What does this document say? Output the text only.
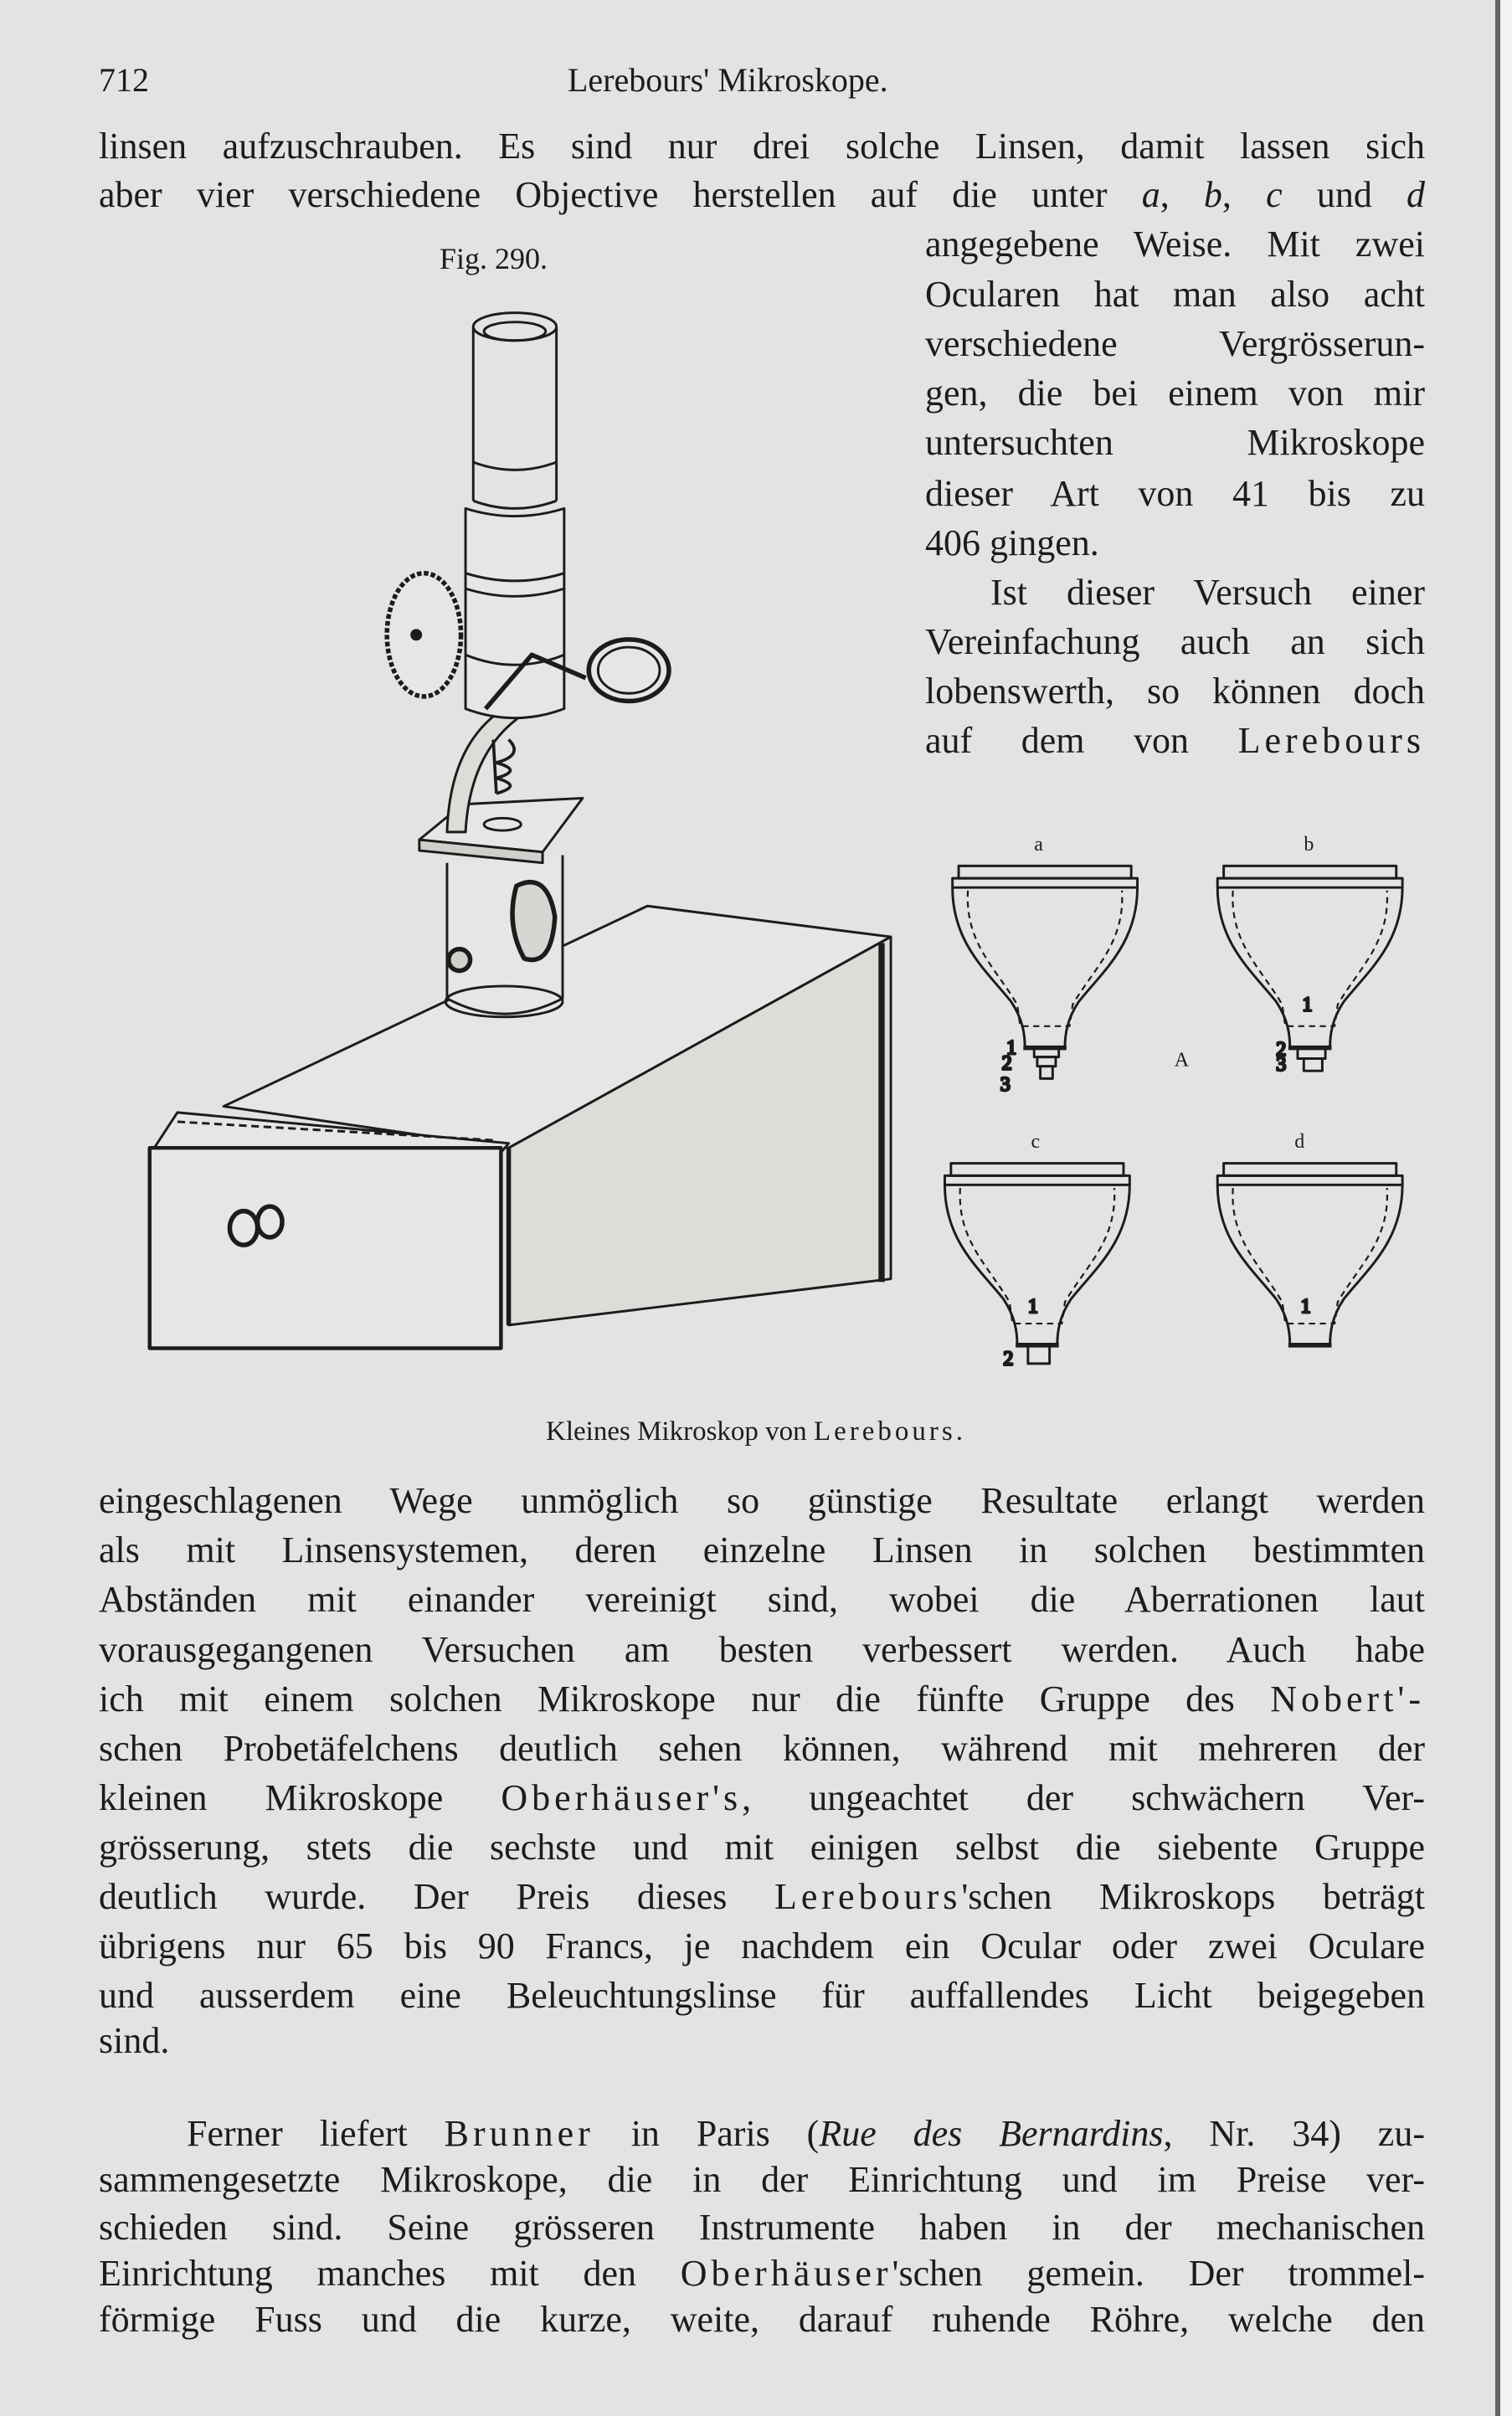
712	Lerebours' Mikroskope.
linsen aufzuschrauben. Es sind nur drei solche Linsen, damit lassen sich
aber vier verschiedene Objective herstellen auf die unter a, b, c und d
angegebene Weise. Mit zwei
Ocularen hat man also acht
verschiedene Vergrösserun-
gen, die bei einem von mir
untersuchten Mikroskope
dieser Art von 41 bis zu
406 gingen.
Ist dieser Versuch einer
Vereinfachung auch an sich
lobenswerth, so können doch
auf dem von Lerebours
eingeschlagenen Wege unmöglich so günstige Resultate erlangt werden
als mit Linsensystemen, deren einzelne Linsen in solchen bestimmten
Abständen mit einander vereinigt sind, wobei die Aberrationen laut
vorausgegangenen Versuchen am besten verbessert werden. Auch habe
ich mit einem solchen Mikroskope nur die fünfte Gruppe des Nobert'-
schen Probetäfelchens deutlich sehen können, während mit mehreren der
kleinen Mikroskope Oberhäuser's, ungeachtet der schwächern Ver-
grösserung, stets die sechste und mit einigen selbst die siebente Gruppe
deutlich wurde. Der Preis dieses Lerebours'schen Mikroskops beträgt
übrigens nur 65 bis 90 Francs, je nachdem ein Ocular oder zwei Oculare
und ausserdem eine Beleuchtungslinse für auffallendes Licht beigegeben
sind.
Ferner liefert Brunner in Paris (Rue des Bernardins, Nr. 34) zu-
sammengesetzte Mikroskope, die in der Einrichtung und im Preise ver-
schieden sind. Seine grösseren Instrumente haben in der mechanischen
Einrichtung manches mit den Oberhäuser'schen gemein. Der trommel-
förmige Fuss und die kurze, weite, darauf ruhende Röhre, welche den
Fig. 290.
Kleines Mikroskop von Lerebours.
1
2
3
1
2
3
1
2
1
a	b
c	d
A
